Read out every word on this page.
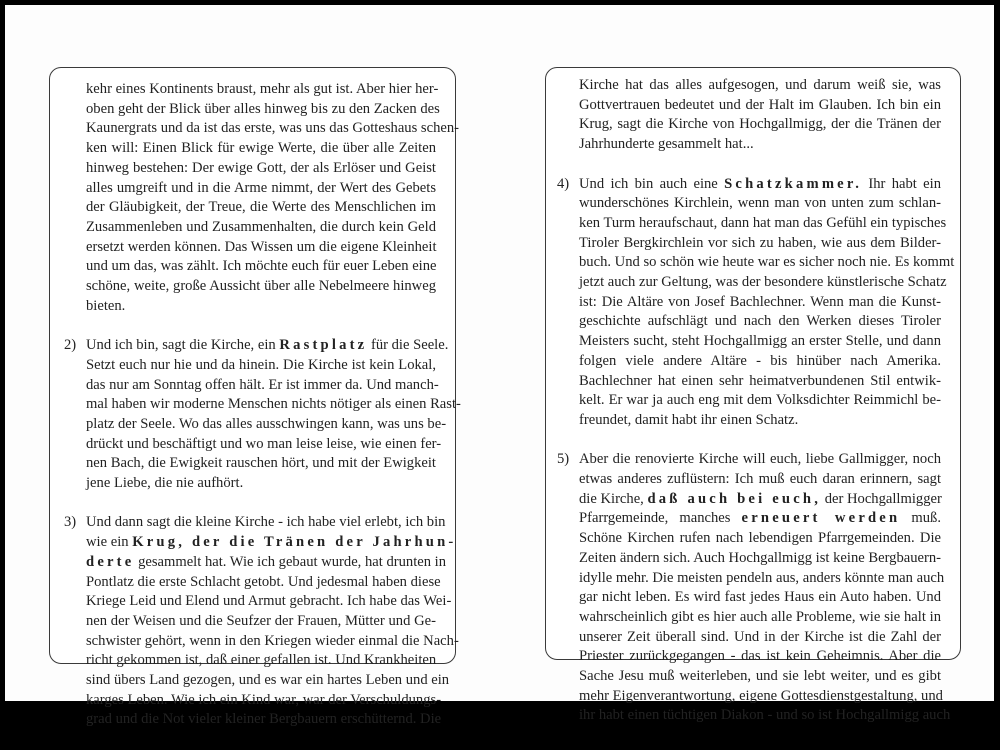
kehr eines Kontinents braust, mehr als gut ist. Aber hier her-
oben geht der Blick über alles hinweg bis zu den Zacken des
Kaunergrats und da ist das erste, was uns das Gotteshaus schen-
ken will: Einen Blick für ewige Werte, die über alle Zeiten
hinweg bestehen: Der ewige Gott, der als Erlöser und Geist
alles umgreift und in die Arme nimmt, der Wert des Gebets
der Gläubigkeit, der Treue, die Werte des Menschlichen im
Zusammenleben und Zusammenhalten, die durch kein Geld
ersetzt werden können. Das Wissen um die eigene Kleinheit
und um das, was zählt. Ich möchte euch für euer Leben eine
schöne, weite, große Aussicht über alle Nebelmeere hinweg
bieten.
2) Und ich bin, sagt die Kirche, ein Rastplatz für die Seele.
Setzt euch nur hie und da hinein. Die Kirche ist kein Lokal,
das nur am Sonntag offen hält. Er ist immer da. Und manch-
mal haben wir moderne Menschen nichts nötiger als einen Rast-
platz der Seele. Wo das alles ausschwingen kann, was uns be-
drückt und beschäftigt und wo man leise leise, wie einen fer-
nen Bach, die Ewigkeit rauschen hört, und mit der Ewigkeit
jene Liebe, die nie aufhört.
3) Und dann sagt die kleine Kirche - ich habe viel erlebt, ich bin
wie ein Krug, der die Tränen der Jahrhun-
derte gesammelt hat. Wie ich gebaut wurde, hat drunten in
Pontlatz die erste Schlacht getobt. Und jedesmal haben diese
Kriege Leid und Elend und Armut gebracht. Ich habe das Wei-
nen der Weisen und die Seufzer der Frauen, Mütter und Ge-
schwister gehört, wenn in den Kriegen wieder einmal die Nach-
richt gekommen ist, daß einer gefallen ist. Und Krankheiten
sind übers Land gezogen, und es war ein hartes Leben und ein
karges Leben. Wie ich ein Kind war, war der Verschuldungs-
grad und die Not vieler kleiner Bergbauern erschütternd. Die
Kirche hat das alles aufgesogen, und darum weiß sie, was
Gottvertrauen bedeutet und der Halt im Glauben. Ich bin ein
Krug, sagt die Kirche von Hochgallmigg, der die Tränen der
Jahrhunderte gesammelt hat...
4) Und ich bin auch eine Schatzkammer. Ihr habt ein
wunderschönes Kirchlein, wenn man von unten zum schlan-
ken Turm heraufschaut, dann hat man das Gefühl ein typisches
Tiroler Bergkirchlein vor sich zu haben, wie aus dem Bilder-
buch. Und so schön wie heute war es sicher noch nie. Es kommt
jetzt auch zur Geltung, was der besondere künstlerische Schatz
ist: Die Altäre von Josef Bachlechner. Wenn man die Kunst-
geschichte aufschlägt und nach den Werken dieses Tiroler
Meisters sucht, steht Hochgallmigg an erster Stelle, und dann
folgen viele andere Altäre - bis hinüber nach Amerika.
Bachlechner hat einen sehr heimatverbundenen Stil entwik-
kelt. Er war ja auch eng mit dem Volksdichter Reimmichl be-
freundet, damit habt ihr einen Schatz.
5) Aber die renovierte Kirche will euch, liebe Gallmigger, noch
etwas anderes zuflüstern: Ich muß euch daran erinnern, sagt
die Kirche, daß auch bei euch, der Hochgallmigger
Pfarrgemeinde, manches erneuert werden muß.
Schöne Kirchen rufen nach lebendigen Pfarrgemeinden. Die
Zeiten ändern sich. Auch Hochgallmigg ist keine Bergbauern-
idylle mehr. Die meisten pendeln aus, anders könnte man auch
gar nicht leben. Es wird fast jedes Haus ein Auto haben. Und
wahrscheinlich gibt es hier auch alle Probleme, wie sie halt in
unserer Zeit überall sind. Und in der Kirche ist die Zahl der
Priester zurückgegangen - das ist kein Geheimnis. Aber die
Sache Jesu muß weiterleben, und sie lebt weiter, und es gibt
mehr Eigenverantwortung, eigene Gottesdienstgestaltung, und
ihr habt einen tüchtigen Diakon - und so ist Hochgallmigg auch
